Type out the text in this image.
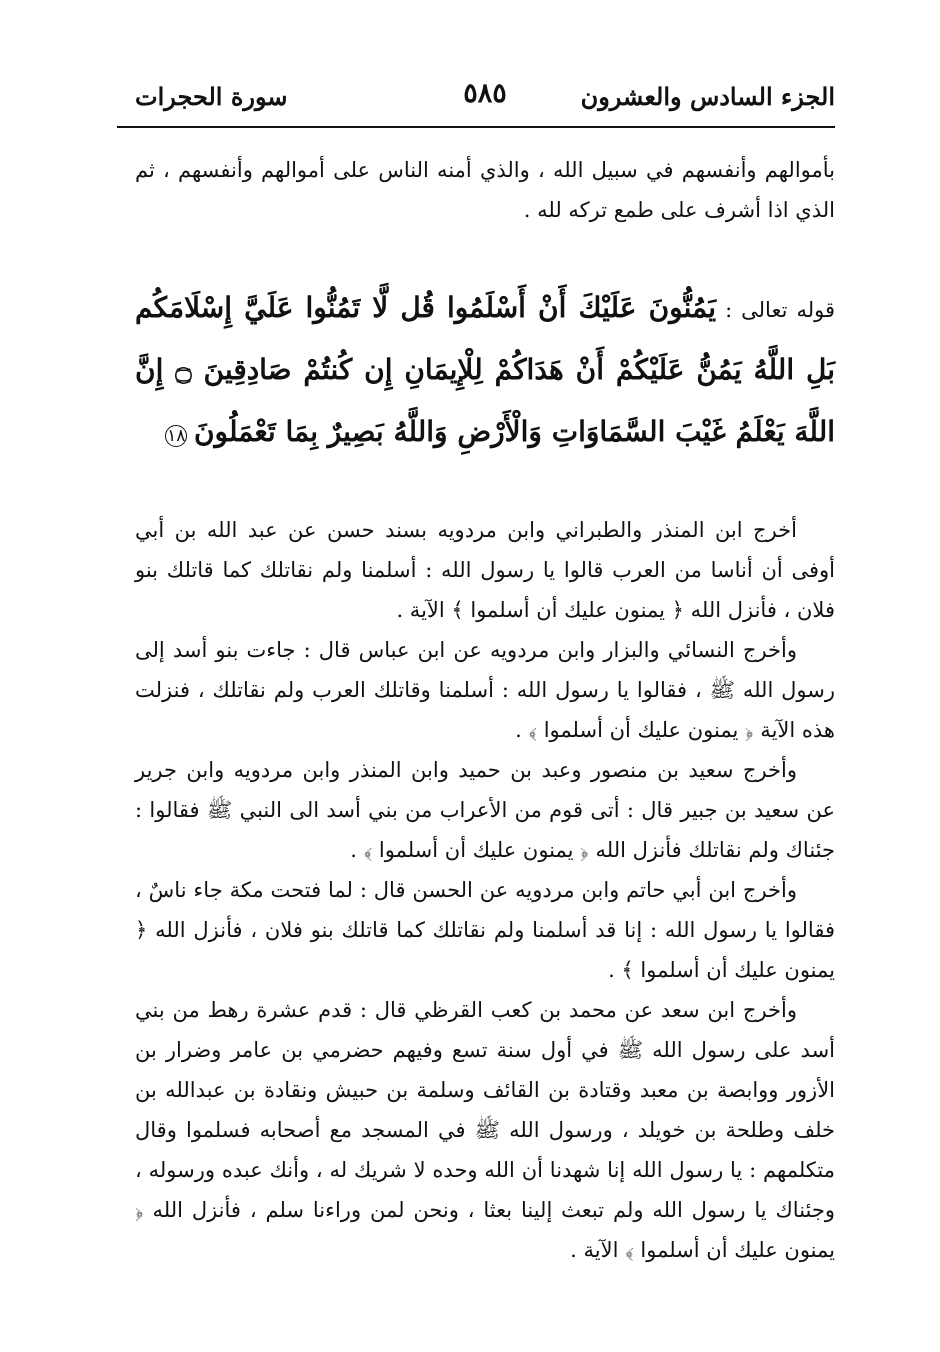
الجزء السادس والعشرون
٥٨٥
سورة الحجرات

بأموالهم وأنفسهم في سبيل الله ، والذي أمنه الناس على أموالهم وأنفسهم ، ثم الذي اذا أشرف على طمع تركه لله .

قوله تعالى : يَمُنُّونَ عَلَيْكَ أَنْ أَسْلَمُوا قُل لَّا تَمُنُّوا عَلَيَّ إِسْلَامَكُم بَلِ اللَّهُ يَمُنُّ عَلَيْكُمْ أَنْ هَدَاكُمْ لِلْإِيمَانِ إِن كُنتُمْ صَادِقِينَ ۝ إِنَّ اللَّهَ يَعْلَمُ غَيْبَ السَّمَاوَاتِ وَالْأَرْضِ وَاللَّهُ بَصِيرٌ بِمَا تَعْمَلُونَ ١٨

أخرج ابن المنذر والطبراني وابن مردويه بسند حسن عن عبد الله بن أبي أوفى أن أناسا من العرب قالوا يا رسول الله : أسلمنا ولم نقاتلك كما قاتلك بنو فلان ، فأنزل الله ﴿ يمنون عليك أن أسلموا ﴾ الآية .

وأخرج النسائي والبزار وابن مردويه عن ابن عباس قال : جاءت بنو أسد إلى رسول الله ﷺ ، فقالوا يا رسول الله : أسلمنا وقاتلك العرب ولم نقاتلك ، فنزلت هذه الآية ﴿ يمنون عليك أن أسلموا ﴾ .

وأخرج سعيد بن منصور وعبد بن حميد وابن المنذر وابن مردويه وابن جرير عن سعيد بن جبير قال : أتى قوم من الأعراب من بني أسد الى النبي ﷺ فقالوا : جئناك ولم نقاتلك فأنزل الله ﴿ يمنون عليك أن أسلموا ﴾ .

وأخرج ابن أبي حاتم وابن مردويه عن الحسن قال : لما فتحت مكة جاء ناسٌ ، فقالوا يا رسول الله : إنا قد أسلمنا ولم نقاتلك كما قاتلك بنو فلان ، فأنزل الله ﴿ يمنون عليك أن أسلموا ﴾ .

وأخرج ابن سعد عن محمد بن كعب القرظي قال : قدم عشرة رهط من بني أسد على رسول الله ﷺ في أول سنة تسع وفيهم حضرمي بن عامر وضرار بن الأزور ووابصة بن معبد وقتادة بن القائف وسلمة بن حبيش ونقادة بن عبدالله بن خلف وطلحة بن خويلد ، ورسول الله ﷺ في المسجد مع أصحابه فسلموا وقال متكلمهم : يا رسول الله إنا شهدنا أن الله وحده لا شريك له ، وأنك عبده ورسوله ، وجئناك يا رسول الله ولم تبعث إلينا بعثا ، ونحن لمن وراءنا سلم ، فأنزل الله ﴿ يمنون عليك أن أسلموا ﴾ الآية .
